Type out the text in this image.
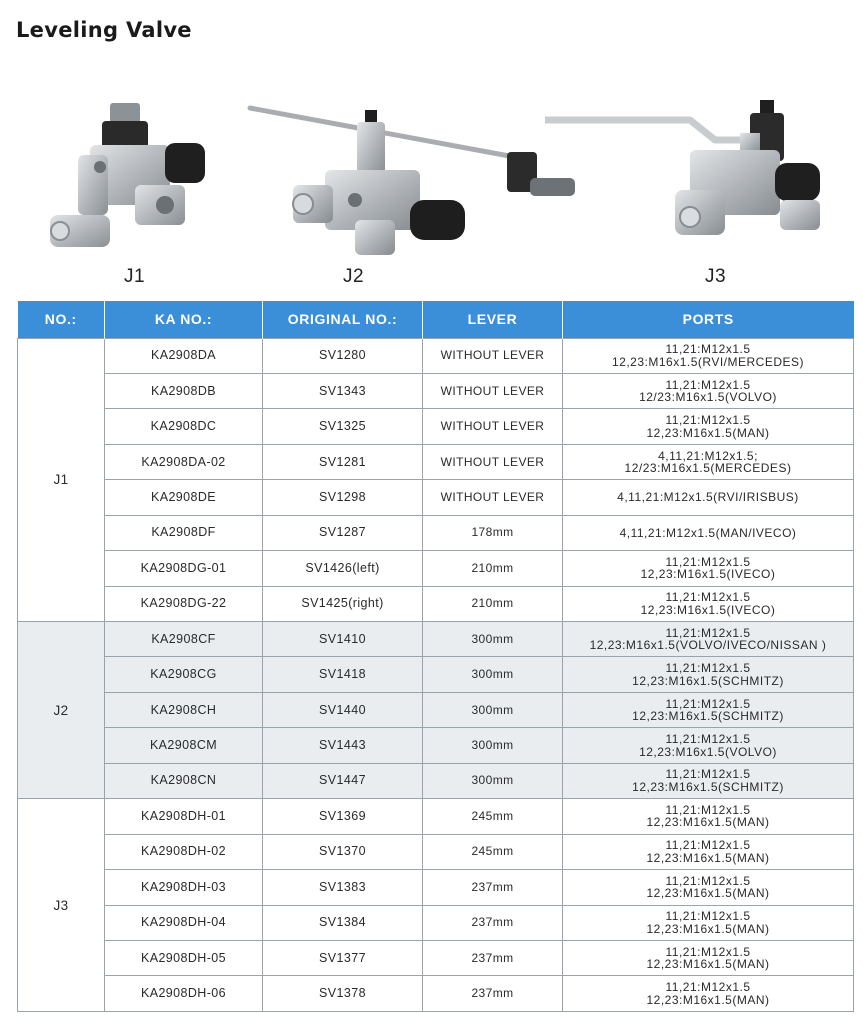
Leveling Valve
J1	J2	J3
NO.:	KA NO.:	ORIGINAL NO.:	LEVER	PORTS
J1	KA2908DA	SV1280	WITHOUT LEVER	11,21:M12x1.5
12,23:M16x1.5(RVI/MERCEDES)

	KA2908DB	SV1343	WITHOUT LEVER	11,21:M12x1.5
12/23:M16x1.5(VOLVO)

	KA2908DC	SV1325	WITHOUT LEVER	11,21:M12x1.5
12,23:M16x1.5(MAN)

	KA2908DA-02	SV1281	WITHOUT LEVER	4,11,21:M12x1.5;
12/23:M16x1.5(MERCEDES)

	KA2908DE	SV1298	WITHOUT LEVER	4,11,21:M12x1.5(RVI/IRISBUS)

	KA2908DF	SV1287	178mm	4,11,21:M12x1.5(MAN/IVECO)

	KA2908DG-01	SV1426(left)	210mm	11,21:M12x1.5
12,23:M16x1.5(IVECO)

	KA2908DG-22	SV1425(right)	210mm	11,21:M12x1.5
12,23:M16x1.5(IVECO)

J2	KA2908CF	SV1410	300mm	11,21:M12x1.5
12,23:M16x1.5(VOLVO/IVECO/NISSAN )

	KA2908CG	SV1418	300mm	11,21:M12x1.5
12,23:M16x1.5(SCHMITZ)

	KA2908CH	SV1440	300mm	11,21:M12x1.5
12,23:M16x1.5(SCHMITZ)

	KA2908CM	SV1443	300mm	11,21:M12x1.5
12,23:M16x1.5(VOLVO)

	KA2908CN	SV1447	300mm	11,21:M12x1.5
12,23:M16x1.5(SCHMITZ)

J3	KA2908DH-01	SV1369	245mm	11,21:M12x1.5
12,23:M16x1.5(MAN)

	KA2908DH-02	SV1370	245mm	11,21:M12x1.5
12,23:M16x1.5(MAN)

	KA2908DH-03	SV1383	237mm	11,21:M12x1.5
12,23:M16x1.5(MAN)

	KA2908DH-04	SV1384	237mm	11,21:M12x1.5
12,23:M16x1.5(MAN)

	KA2908DH-05	SV1377	237mm	11,21:M12x1.5
12,23:M16x1.5(MAN)

	KA2908DH-06	SV1378	237mm	11,21:M12x1.5
12,23:M16x1.5(MAN)
